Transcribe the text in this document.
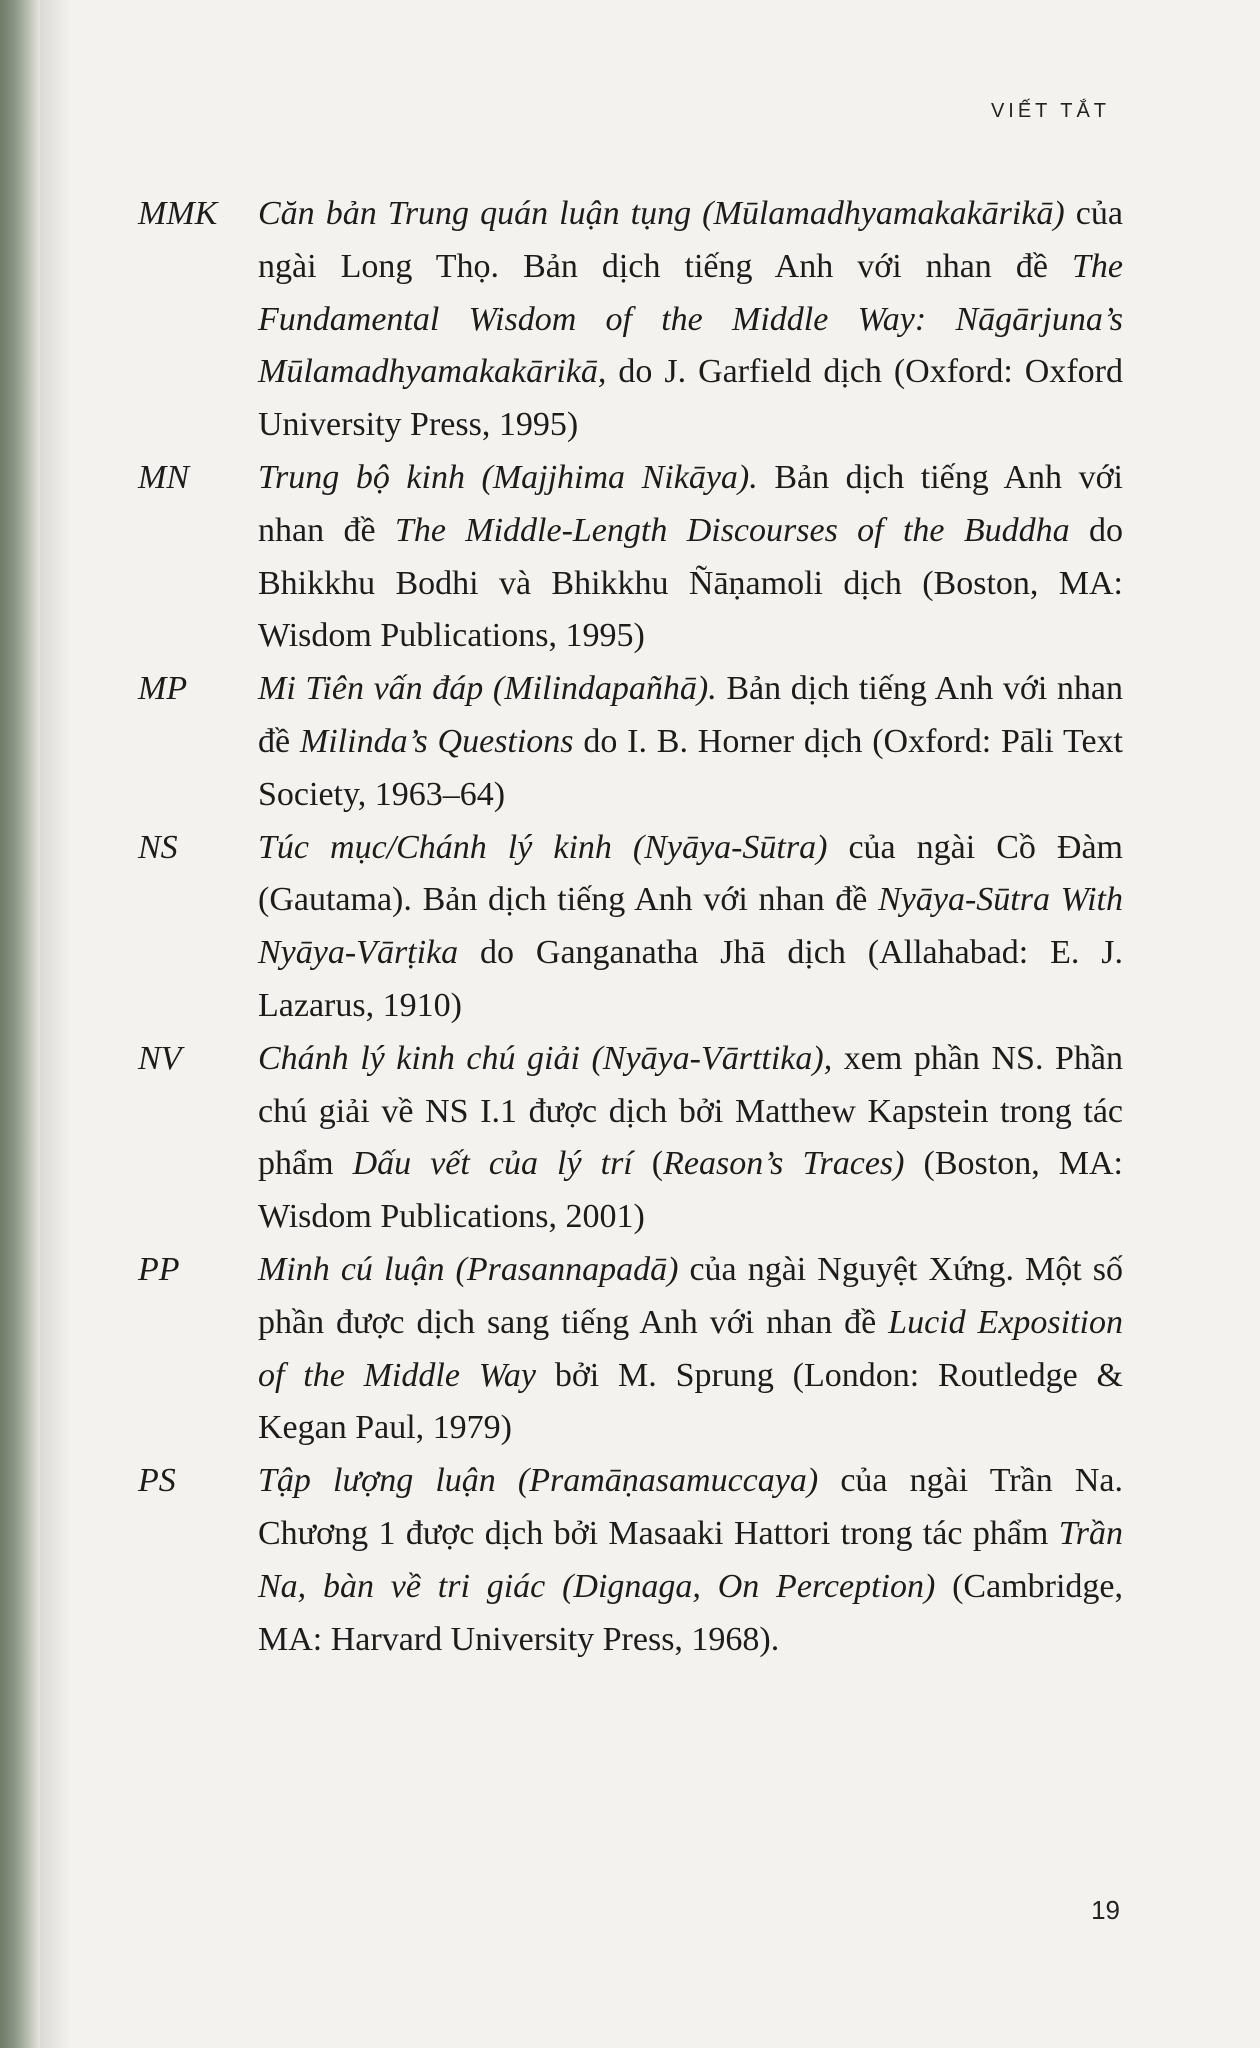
VIẾT TẮT
MMK	Căn bản Trung quán luận tụng (Mūlamadhyamakakārikā) của ngài Long Thọ. Bản dịch tiếng Anh với nhan đề The Fundamental Wisdom of the Middle Way: Nāgārjuna’s Mūlamadhyamakakārikā, do J. Garfield dịch (Oxford: Oxford University Press, 1995)

MN	Trung bộ kinh (Majjhima Nikāya). Bản dịch tiếng Anh với nhan đề The Middle-Length Discourses of the Buddha do Bhikkhu Bodhi và Bhikkhu Ñāṇamoli dịch (Boston, MA: Wisdom Publications, 1995)

MP	Mi Tiên vấn đáp (Milindapañhā). Bản dịch tiếng Anh với nhan đề Milinda’s Questions do I. B. Horner dịch (Oxford: Pāli Text Society, 1963–64)

NS	Túc mục/Chánh lý kinh (Nyāya-Sūtra) của ngài Cồ Đàm (Gautama). Bản dịch tiếng Anh với nhan đề Nyāya-Sūtra With Nyāya-Vārṭika do Ganganatha Jhā dịch (Allahabad: E. J. Lazarus, 1910)

NV	Chánh lý kinh chú giải (Nyāya-Vārttika), xem phần NS. Phần chú giải về NS I.1 được dịch bởi Matthew Kapstein trong tác phẩm Dấu vết của lý trí (Reason’s Traces) (Boston, MA: Wisdom Publications, 2001)

PP	Minh cú luận (Prasannapadā) của ngài Nguyệt Xứng. Một số phần được dịch sang tiếng Anh với nhan đề Lucid Exposition of the Middle Way bởi M. Sprung (London: Routledge & Kegan Paul, 1979)

PS	Tập lượng luận (Pramāṇasamuccaya) của ngài Trần Na. Chương 1 được dịch bởi Masaaki Hattori trong tác phẩm Trần Na, bàn về tri giác (Dignaga, On Perception) (Cambridge, MA: Harvard University Press, 1968).

19
